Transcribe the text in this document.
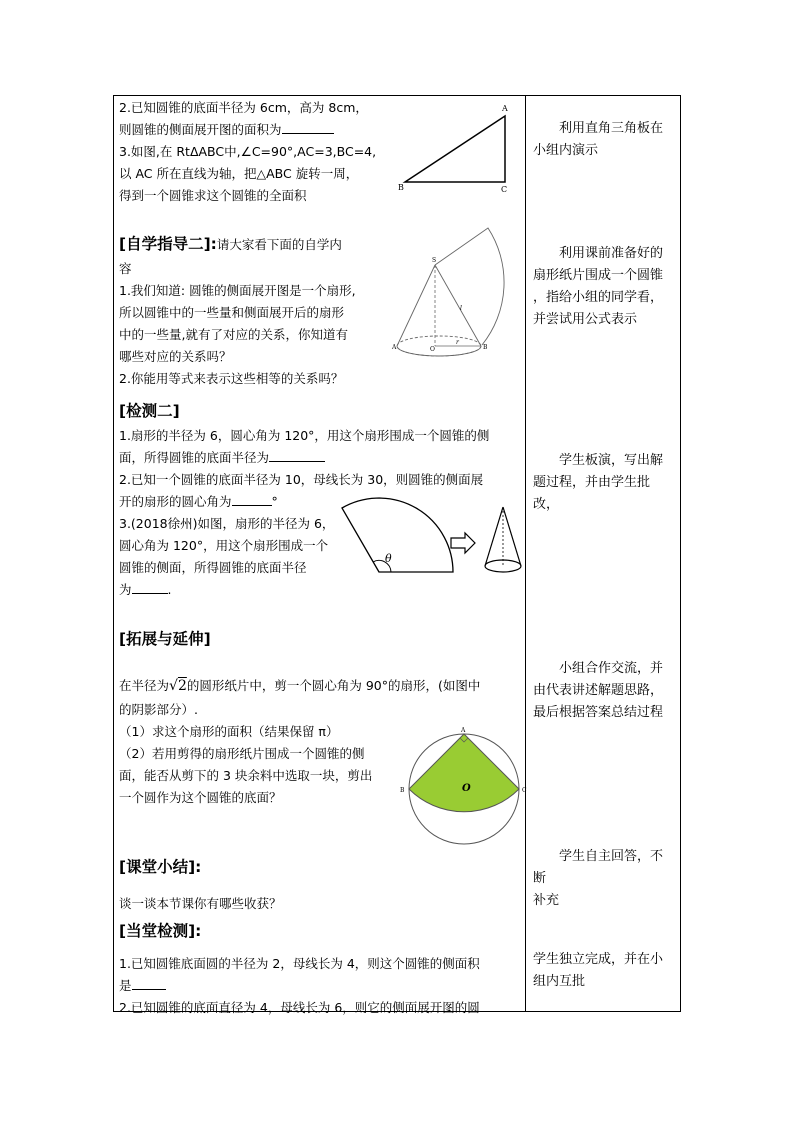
2.已知圆锥的底面半径为 6cm，高为 8cm，
则圆锥的侧面展开图的面积为
3.如图,在 RtΔABC中,∠C=90°,AC=3,BC=4,
以 AC 所在直线为轴，把△ABC 旋转一周，
得到一个圆锥求这个圆锥的全面积
B	C
A
[自学指导二]:请大家看下面的自学内
容
1.我们知道: 圆锥的侧面展开图是一个扇形,
所以圆锥中的一些量和侧面展开后的扇形
中的一些量,就有了对应的关系，你知道有
哪些对应的关系吗？
2.你能用等式来表示这些相等的关系吗？
S
l
A	O
r
B
[检测二]
1.扇形的半径为 6，圆心角为 120°，用这个扇形围成一个圆锥的侧
面，所得圆锥的底面半径为
2.已知一个圆锥的底面半径为 10，母线长为 30，则圆锥的侧面展
开的扇形的圆心角为	°
3.(2018徐州)如图，扇形的半径为 6，
圆心角为 120°，用这个扇形围成一个
圆锥的侧面，所得圆锥的底面半径
为	.
θ
[拓展与延伸]
在半径为√2的圆形纸片中，剪一个圆心角为 90°的扇形，(如图中
的阴影部分）.
（1）求这个扇形的面积（结果保留 π）
（2）若用剪得的扇形纸片围成一个圆锥的侧
面，能否从剪下的 3 块余料中选取一块，剪出
一个圆作为这个圆锥的底面？
A
B	C
O
[课堂小结]:
谈一谈本节课你有哪些收获？
[当堂检测]:
1.已知圆锥底面圆的半径为 2，母线长为 4，则这个圆锥的侧面积
是
2.已知圆锥的底面直径为 4，母线长为 6，则它的侧面展开图的圆

利用直角三角板在

小组内演示

利用课前准备好的

扇形纸片围成一个圆锥

，指给小组的同学看，

并尝试用公式表示

学生板演，写出解

题过程，并由学生批改，

小组合作交流，并

由代表讲述解题思路，

最后根据答案总结过程

学生自主回答，不断

补充

学生独立完成，并在小

组内互批
